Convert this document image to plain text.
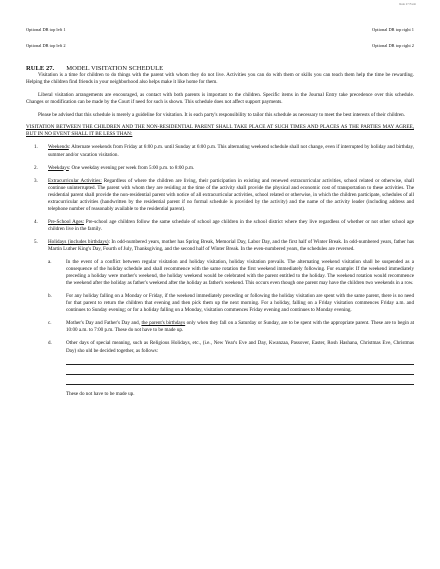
Rule 27 Form

Optional DR top left 1

Optional DR top left 2

Optional DR top right 1

Optional DR top right 2

RULE 27. MODEL VISITATION SCHEDULE

Visitation is a time for children to do things with the parent with whom they do not live. Activities you can do with them or skills you can teach them help the time be rewarding. Helping the children find friends in your neighborhood also helps make it like home for them.

Liberal visitation arrangements are encouraged, as contact with both parents is important to the children. Specific items in the Journal Entry take precedence over this schedule. Changes or modification can be made by the Court if need for such is shown. This schedule does not affect support payments.

Please be advised that this schedule is merely a guideline for visitation. It is each party's responsibility to tailor this schedule as necessary to meet the best interests of their children.

VISITATION BETWEEN THE CHILDREN AND THE NON-RESIDENTIAL PARENT SHALL TAKE PLACE AT SUCH TIMES AND PLACES AS THE PARTIES MAY AGREE, BUT IN NO EVENT SHALL IT BE LESS THAN:
1.	Weekends: Alternate weekends from Friday at 6:00 p.m. until Sunday at 6:00 p.m. This alternating weekend schedule shall not change, even if interrupted by holiday and birthday, summer and/or vacation visitation.
2.	Weekdays: One weekday evening per week from 5:00 p.m. to 8:00 p.m.
3.	Extracurricular Activities: Regardless of where the children are living, their participation in existing and renewed extracurricular activities, school related or otherwise, shall continue uninterrupted. The parent with whom they are residing at the time of the activity shall provide the physical and economic cost of transportation to these activities. The residential parent shall provide the non-residential parent with notice of all extracurricular activities, school related or otherwise, in which the children participate, schedules of all extracurricular activities (handwritten by the residential parent if no formal schedule is provided by the activity) and the name of the activity leader (including address and telephone number of reasonably available to the residential parent).
4.	Pre-School Ages: Pre-school age children follow the same schedule of school age children in the school district where they live regardless of whether or not other school age children live in the family.
5.	Holidays (includes birthdays): In odd-numbered years, mother has Spring Break, Memorial Day, Labor Day, and the first half of Winter Break. In odd-numbered years, father has Martin Luther King's Day, Fourth of July, Thanksgiving, and the second half of Winter Break. In the even-numbered years, the schedules are reversed.
a.	In the event of a conflict between regular visitation and holiday visitation, holiday visitation prevails. The alternating weekend visitation shall be suspended as a consequence of the holiday schedule and shall recommence with the same rotation the first weekend immediately following. For example: If the weekend immediately preceding a holiday were mother's weekend, the holiday weekend would be celebrated with the parent entitled to the holiday. The weekend rotation would recommence the weekend after the holiday as father's weekend after the holiday as father's weekend. This occurs even though one parent may have the children two weekends in a row.
b.	For any holiday falling on a Monday or Friday, if the weekend immediately preceding or following the holiday visitation are spent with the same parent, there is no need for that parent to return the children that evening and then pick them up the next morning. For a holiday, falling on a Friday visitation commences Friday a.m. and continues to Sunday evening; or for a holiday falling on a Monday, visitation commences Friday evening and continues to Monday evening.
c.	Mother's Day and Father's Day and, the parent's birthdays only when they fall on a Saturday or Sunday, are to be spent with the appropriate parent. These are to begin at 10:00 a.m. to 7:00 p.m. These do not have to be made up.
d.	Other days of special meaning, such as Religious Holidays, etc., (i.e., New Year's Eve and Day, Kwanzaa, Passover, Easter, Rosh Hashana, Christmas Eve, Christmas Day) sho uld be decided together, as follows:

These do not have to be made up.
